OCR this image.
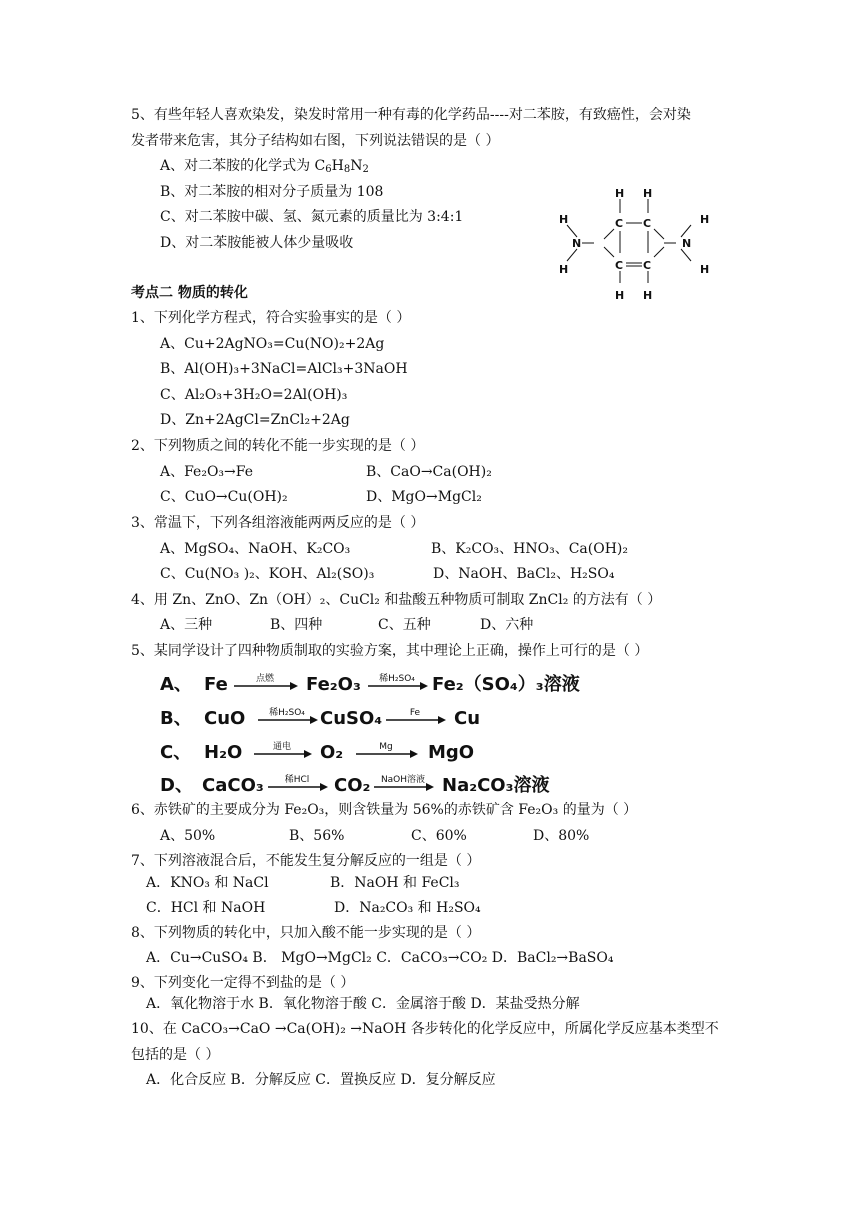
5、有些年轻人喜欢染发，染发时常用一种有毒的化学药品----对二苯胺，有致癌性，会对染
发者带来危害，其分子结构如右图，下列说法错误的是（ ）
A、对二苯胺的化学式为 $C_6H_8N_2$
B、对二苯胺的相对分子质量为 108
C、对二苯胺中碳、氢、氮元素的质量比为 3:4:1
D、对二苯胺能被人体少量吸收
H H
C C
C C
H H
H
H
N	N
H
H
考点二 物质的转化
1、下列化学方程式，符合实验事实的是（ ）
A、Cu+2AgNO₃=Cu(NO)₂+2Ag
B、Al(OH)₃+3NaCl=AlCl₃+3NaOH
C、Al₂O₃+3H₂O=2Al(OH)₃
D、Zn+2AgCl=ZnCl₂+2Ag
2、下列物质之间的转化不能一步实现的是（ ）
A、Fe₂O₃→Fe	B、CaO→Ca(OH)₂
C、CuO→Cu(OH)₂	D、MgO→MgCl₂
3、常温下，下列各组溶液能两两反应的是（ ）
A、MgSO₄、NaOH、K₂CO₃	B、K₂CO₃、HNO₃、Ca(OH)₂
C、Cu(NO₃ )₂、KOH、Al₂(SO)₃	D、NaOH、BaCl₂、H₂SO₄
4、用 Zn、ZnO、Zn（OH）₂、CuCl₂ 和盐酸五种物质可制取 ZnCl₂ 的方法有（ ）
A、三种	B、四种	C、五种	D、六种
5、某同学设计了四种物质制取的实验方案，其中理论上正确，操作上可行的是（ ）
A、 Fe	点燃	Fe₂O₃	稀H₂SO₄ Fe₂（SO₄）₃溶液
B、 CuO	稀H₂SO₄ CuSO₄	Fe	Cu
C、 H₂O	通电	O₂	Mg	MgO
D、 CaCO₃	稀HCl	CO₂	NaOH溶液 Na₂CO₃溶液
6、赤铁矿的主要成分为 Fe₂O₃，则含铁量为 56%的赤铁矿含 Fe₂O₃ 的量为（ ）
A、50%	B、56%	C、60%	D、80%
7、下列溶液混合后，不能发生复分解反应的一组是（ ）
A．KNO₃ 和 NaCl	B．NaOH 和 FeCl₃
C．HCl 和 NaOH	D．Na₂CO₃ 和 H₂SO₄
8、下列物质的转化中，只加入酸不能一步实现的是（ ）
A．Cu→CuSO₄ B． MgO→MgCl₂ C．CaCO₃→CO₂ D．BaCl₂→BaSO₄
9、下列变化一定得不到盐的是（ ）
A．氧化物溶于水 B．氧化物溶于酸 C．金属溶于酸 D．某盐受热分解
10、在 CaCO₃→CaO →Ca(OH)₂ →NaOH 各步转化的化学反应中，所属化学反应基本类型不
包括的是（ ）
A．化合反应 B．分解反应 C．置换反应 D．复分解反应
